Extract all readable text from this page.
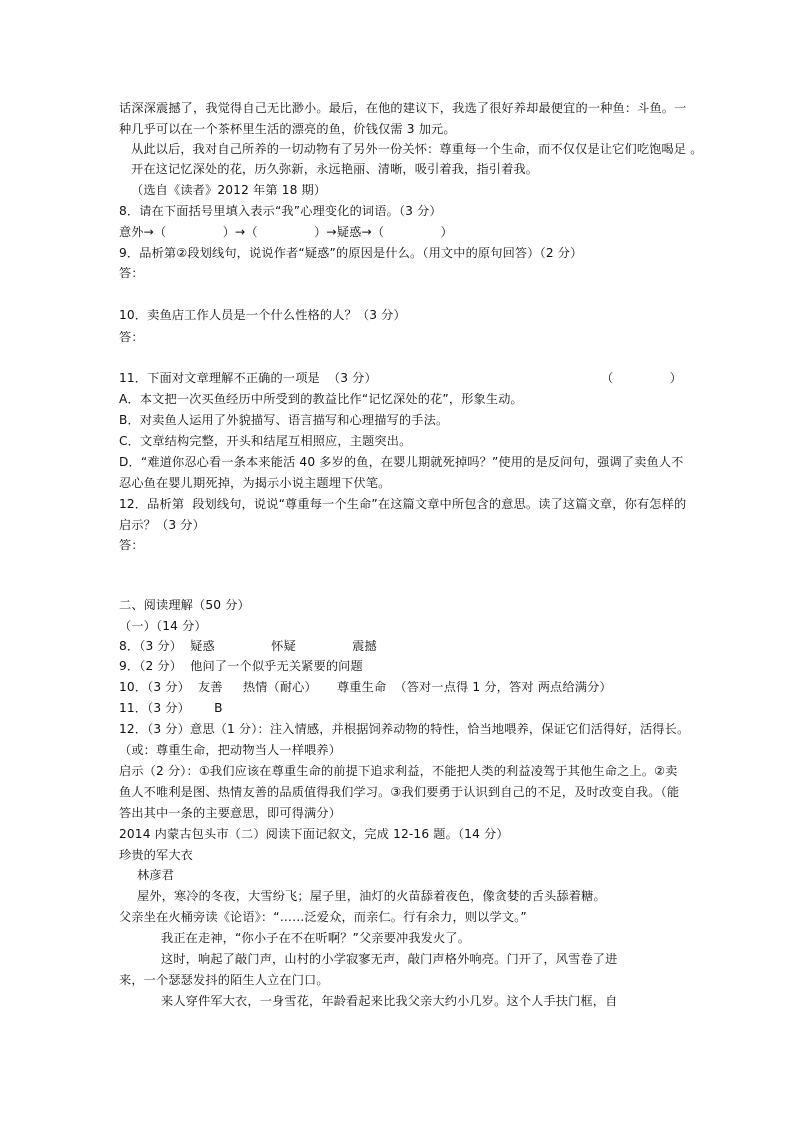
话深深震撼了，我觉得自己无比渺小。最后，在他的建议下，我选了很好养却最便宜的一种鱼：斗鱼。一
种几乎可以在一个茶杯里生活的漂亮的鱼，价钱仅需 3 加元。
从此以后，我对自己所养的一切动物有了另外一份关怀：尊重每一个生命，而不仅仅是让它们吃饱喝足 。
开在这记忆深处的花，历久弥新，永远艳丽、清晰，吸引着我，指引着我。
（选自《读者》2012 年第 18 期）
8．请在下面括号里填入表示“我”心理变化的词语。（3 分）
意外→（              ）→（              ）→疑惑→（              ）
9．品析第②段划线句，说说作者“疑惑”的原因是什么。（用文中的原句回答）（2 分）
答：
10．卖鱼店工作人员是一个什么性格的人？（3 分）
答：
11．下面对文章理解不正确的一项是  （3 分）	（              ）
A．本文把一次买鱼经历中所受到的教益比作“记忆深处的花”，形象生动。
B．对卖鱼人运用了外貌描写、语言描写和心理描写的手法。
C．文章结构完整，开头和结尾互相照应，主题突出。
D．“难道你忍心看一条本来能活 40 多岁的鱼，在婴儿期就死掉吗？”使用的是反问句，强调了卖鱼人不
忍心鱼在婴儿期死掉，为揭示小说主题埋下伏笔。
12．品析第  段划线句，说说“尊重每一个生命”在这篇文章中所包含的意思。读了这篇文章，你有怎样的
启示？（3 分）
答：
二、阅读理解（50 分）
（一）（14 分）
8．（3 分）  疑惑              怀疑              震撼
9．（2 分）  他问了一个似乎无关紧要的问题
10．（3 分）  友善     热情（耐心）     尊重生命  （答对一点得 1 分，答对 两点给满分）
11．（3 分）      B
12．（3 分）意思（1 分）：注入情感，并根据饲养动物的特性，恰当地喂养，保证它们活得好，活得长。
（或：尊重生命，把动物当人一样喂养）
启示（2 分）：①我们应该在尊重生命的前提下追求利益，不能把人类的利益凌驾于其他生命之上。②卖
鱼人不唯利是图、热情友善的品质值得我们学习。③我们要勇于认识到自己的不足，及时改变自我。（能
答出其中一条的主要意思，即可得满分）
2014 内蒙古包头市（二）阅读下面记叙文，完成 12-16 题。（14 分）
珍贵的军大衣
林彦君
屋外，寒冷的冬夜，大雪纷飞；屋子里，油灯的火苗舔着夜色，像贪婪的舌头舔着糖。
父亲坐在火桶旁读《论语》：“……泛爱众，而亲仁。行有余力，则以学文。”
我正在走神，“你小子在不在听啊？”父亲要冲我发火了。
这时，响起了敲门声，山村的小学寂寥无声，敲门声格外响亮。门开了，风雪卷了进
来，一个瑟瑟发抖的陌生人立在门口。
来人穿件军大衣，一身雪花，年龄看起来比我父亲大约小几岁。这个人手扶门框，自
